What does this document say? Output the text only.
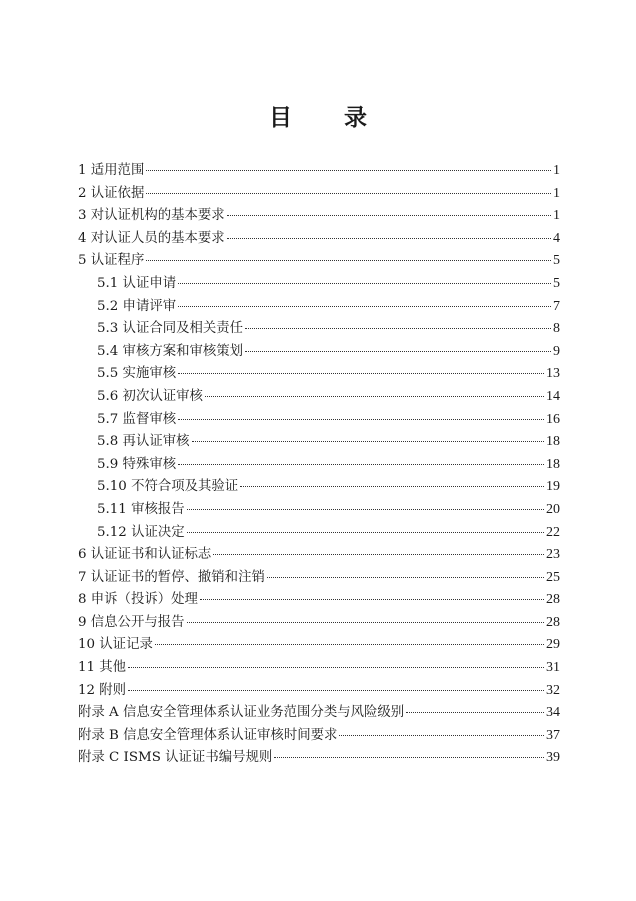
目 录
1 适用范围	1
2 认证依据	1
3 对认证机构的基本要求	1
4 对认证人员的基本要求	4
5 认证程序	5
5.1 认证申请	5
5.2 申请评审	7
5.3 认证合同及相关责任	8
5.4 审核方案和审核策划	9
5.5 实施审核	13
5.6 初次认证审核	14
5.7 监督审核	16
5.8 再认证审核	18
5.9 特殊审核	18
5.10 不符合项及其验证	19
5.11 审核报告	20
5.12 认证决定	22
6 认证证书和认证标志	23
7 认证证书的暂停、撤销和注销	25
8 申诉（投诉）处理	28
9 信息公开与报告	28
10 认证记录	29
11 其他	31
12 附则	32
附录 A 信息安全管理体系认证业务范围分类与风险级别	34
附录 B 信息安全管理体系认证审核时间要求	37
附录 C ISMS 认证证书编号规则	39
